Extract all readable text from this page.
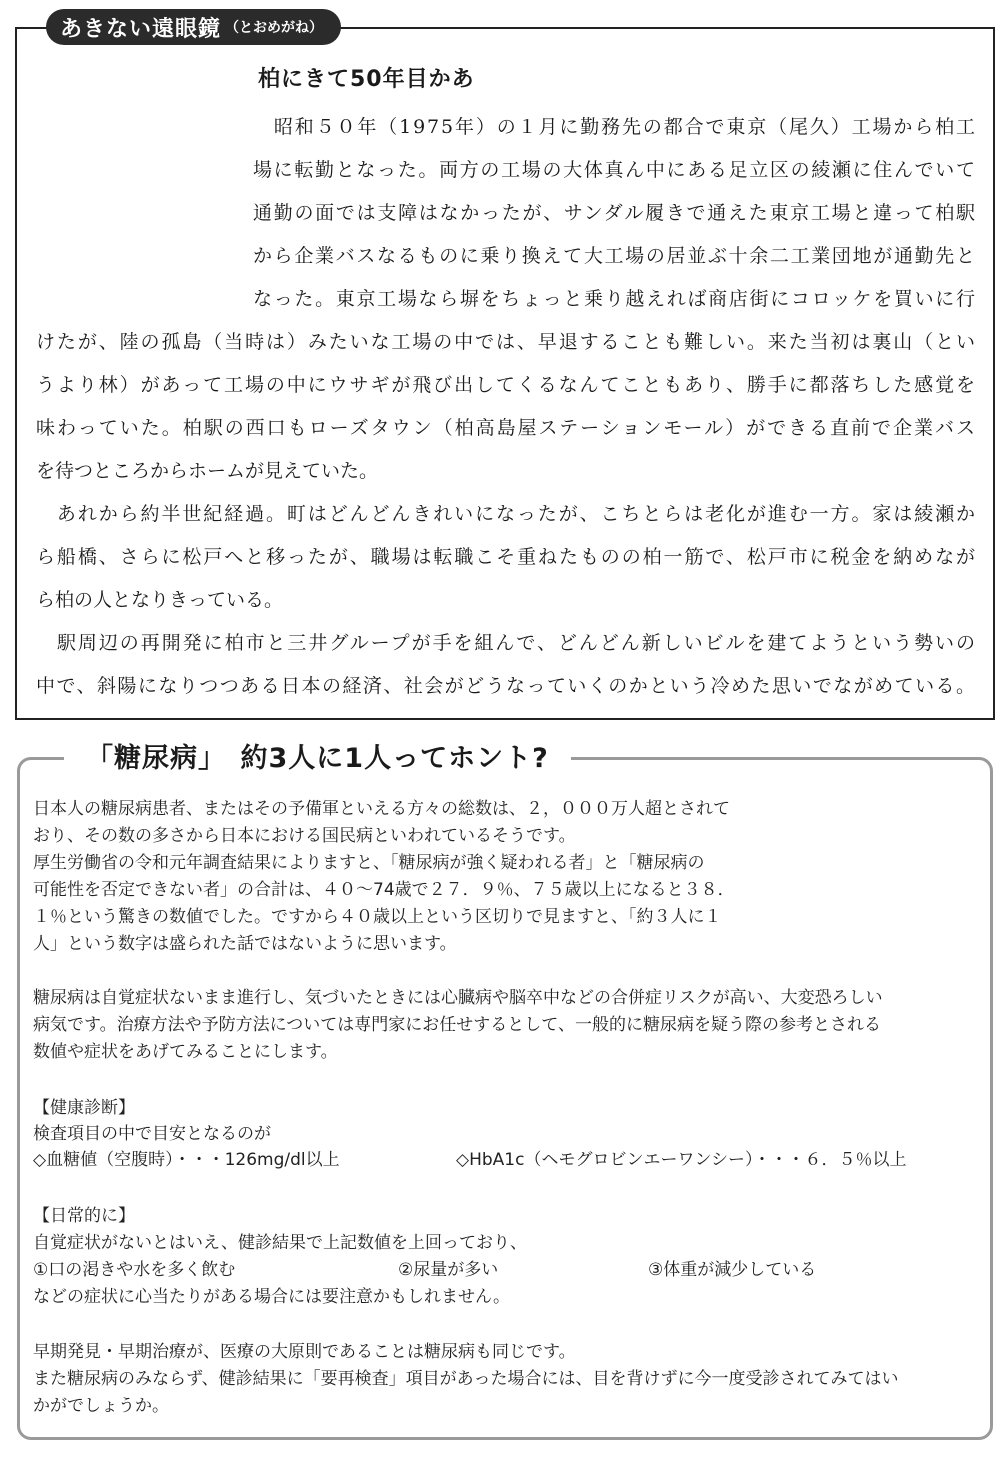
あきない遠眼鏡 （とおめがね）
柏にきて50年目かあ
　昭和５０年（1975年）の１月に勤務先の都合で東京（尾久）工場から柏工
場に転勤となった。両方の工場の大体真ん中にある足立区の綾瀬に住んでいて
通勤の面では支障はなかったが、サンダル履きで通えた東京工場と違って柏駅
から企業バスなるものに乗り換えて大工場の居並ぶ十余二工業団地が通勤先と
なった。東京工場なら塀をちょっと乗り越えれば商店街にコロッケを買いに行
けたが、陸の孤島（当時は）みたいな工場の中では、早退することも難しい。来た当初は裏山（とい
うより林）があって工場の中にウサギが飛び出してくるなんてこともあり、勝手に都落ちした感覚を
味わっていた。柏駅の西口もローズタウン（柏高島屋ステーションモール）ができる直前で企業バス
を待つところからホームが見えていた。
　あれから約半世紀経過。町はどんどんきれいになったが、こちとらは老化が進む一方。家は綾瀬か
ら船橋、さらに松戸へと移ったが、職場は転職こそ重ねたものの柏一筋で、松戸市に税金を納めなが
ら柏の人となりきっている。
　駅周辺の再開発に柏市と三井グループが手を組んで、どんどん新しいビルを建てようという勢いの
中で、斜陽になりつつある日本の経済、社会がどうなっていくのかという冷めた思いでながめている。
「糖尿病」　約3人に1人ってホント?
日本人の糖尿病患者、またはその予備軍といえる方々の総数は、２，０００万人超とされて
おり、その数の多さから日本における国民病といわれているそうです。
厚生労働省の令和元年調査結果によりますと、「糖尿病が強く疑われる者」と「糖尿病の
可能性を否定できない者」の合計は、４０～74歳で２７．９％、７５歳以上になると３８．
１％という驚きの数値でした。ですから４０歳以上という区切りで見ますと、「約３人に１
人」という数字は盛られた話ではないように思います。
糖尿病は自覚症状ないまま進行し、気づいたときには心臓病や脳卒中などの合併症リスクが高い、大変恐ろしい
病気です。治療方法や予防方法については専門家にお任せするとして、一般的に糖尿病を疑う際の参考とされる
数値や症状をあげてみることにします。
【健康診断】
検査項目の中で目安となるのが
◇血糖値（空腹時）・・・126mg/dl以上	◇HbA1c（ヘモグロビンエーワンシー）・・・６．５％以上
【日常的に】
自覚症状がないとはいえ、健診結果で上記数値を上回っており、
①口の渇きや水を多く飲む	②尿量が多い	③体重が減少している
などの症状に心当たりがある場合には要注意かもしれません。
早期発見・早期治療が、医療の大原則であることは糖尿病も同じです。
また糖尿病のみならず、健診結果に「要再検査」項目があった場合には、目を背けずに今一度受診されてみてはい
かがでしょうか。
